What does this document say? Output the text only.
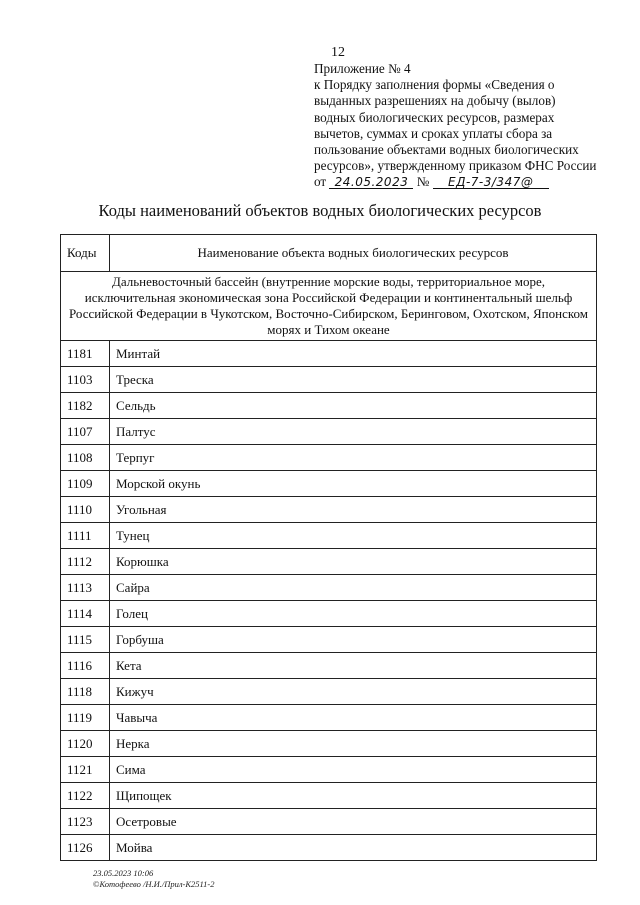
12
Приложение № 4
к Порядку заполнения формы «Сведения о
выданных разрешениях на добычу (вылов)
водных биологических ресурсов, размерах
вычетов, суммах и сроках уплаты сбора за
пользование объектами водных биологических
ресурсов», утвержденному приказом ФНС России
от 24.05.2023 № ЕД-7-3/347@
Коды наименований объектов водных биологических ресурсов
Коды	Наименование объекта водных биологических ресурсов
Дальневосточный бассейн (внутренние морские воды, территориальное море, исключительная экономическая зона Российской Федерации и континентальный шельф Российской Федерации в Чукотском, Восточно-Сибирском, Беринговом, Охотском, Японском морях и Тихом океане	
1181	Минтай
1103	Треска
1182	Сельдь
1107	Палтус
1108	Терпуг
1109	Морской окунь
1110	Угольная
1111	Тунец
1112	Корюшка
1113	Сайра
1114	Голец
1115	Горбуша
1116	Кета
1118	Кижуч
1119	Чавыча
1120	Нерка
1121	Сима
1122	Щипощек
1123	Осетровые
1126	Мойва
23.05.2023 10:06
©Котофеево /Н.И./Прил-К2511-2
